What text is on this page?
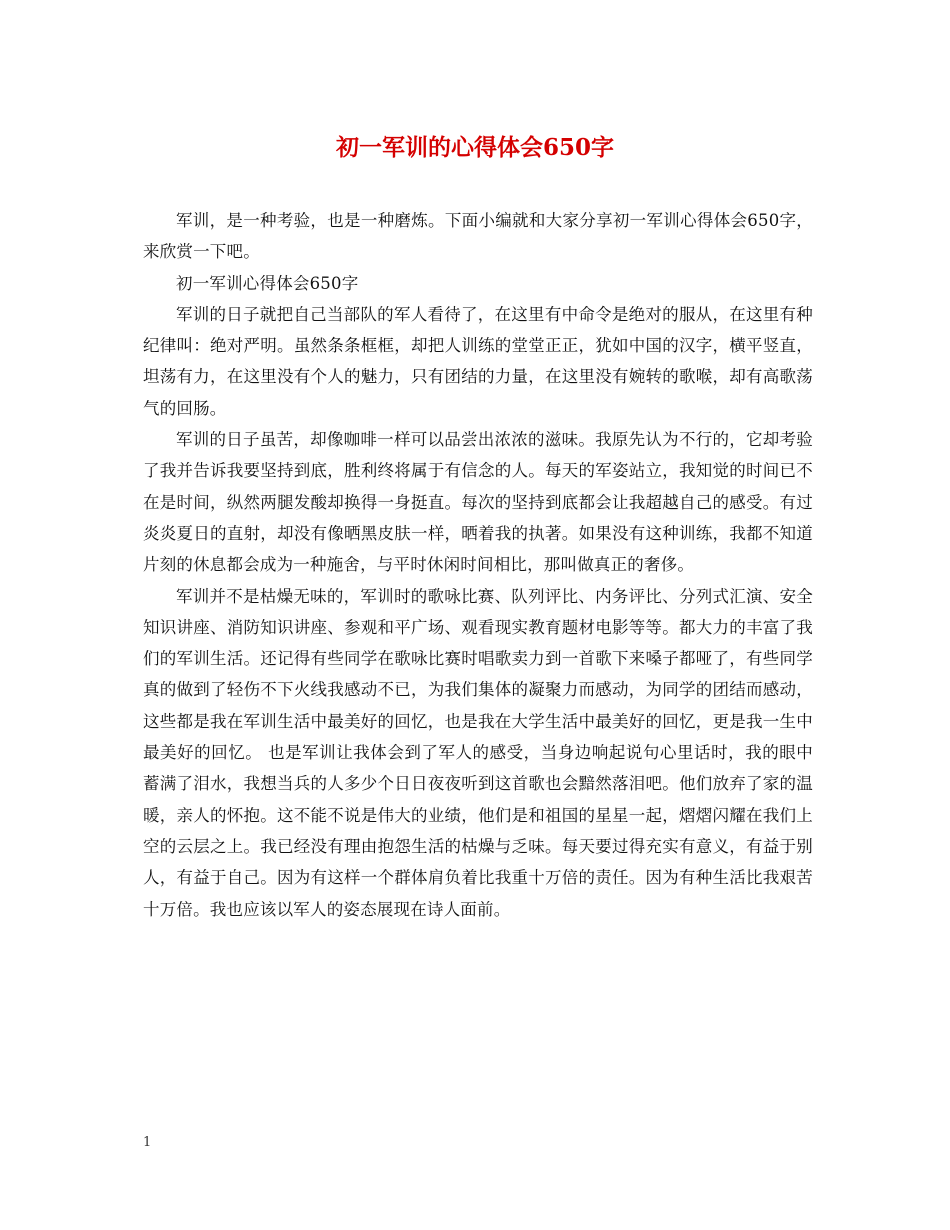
初一军训的心得体会650字

军训，是一种考验，也是一种磨炼。下面小编就和大家分享初一军训心得体会650字，来欣赏一下吧。

初一军训心得体会650字

军训的日子就把自己当部队的军人看待了，在这里有中命令是绝对的服从，在这里有种纪律叫：绝对严明。虽然条条框框，却把人训练的堂堂正正，犹如中国的汉字，横平竖直，坦荡有力，在这里没有个人的魅力，只有团结的力量，在这里没有婉转的歌喉，却有高歌荡气的回肠。

军训的日子虽苦，却像咖啡一样可以品尝出浓浓的滋味。我原先认为不行的，它却考验了我并告诉我要坚持到底，胜利终将属于有信念的人。每天的军姿站立，我知觉的时间已不在是时间，纵然两腿发酸却换得一身挺直。每次的坚持到底都会让我超越自己的感受。有过炎炎夏日的直射，却没有像晒黑皮肤一样，晒着我的执著。如果没有这种训练，我都不知道片刻的休息都会成为一种施舍，与平时休闲时间相比，那叫做真正的奢侈。

军训并不是枯燥无味的，军训时的歌咏比赛、队列评比、内务评比、分列式汇演、安全知识讲座、消防知识讲座、参观和平广场、观看现实教育题材电影等等。都大力的丰富了我们的军训生活。还记得有些同学在歌咏比赛时唱歌卖力到一首歌下来嗓子都哑了，有些同学真的做到了轻伤不下火线我感动不已，为我们集体的凝聚力而感动，为同学的团结而感动，这些都是我在军训生活中最美好的回忆，也是我在大学生活中最美好的回忆，更是我一生中最美好的回忆。 也是军训让我体会到了军人的感受，当身边响起说句心里话时，我的眼中蓄满了泪水，我想当兵的人多少个日日夜夜听到这首歌也会黯然落泪吧。他们放弃了家的温暖，亲人的怀抱。这不能不说是伟大的业绩，他们是和祖国的星星一起，熠熠闪耀在我们上空的云层之上。我已经没有理由抱怨生活的枯燥与乏味。每天要过得充实有意义，有益于别人，有益于自己。因为有这样一个群体肩负着比我重十万倍的责任。因为有种生活比我艰苦十万倍。我也应该以军人的姿态展现在诗人面前。

1
